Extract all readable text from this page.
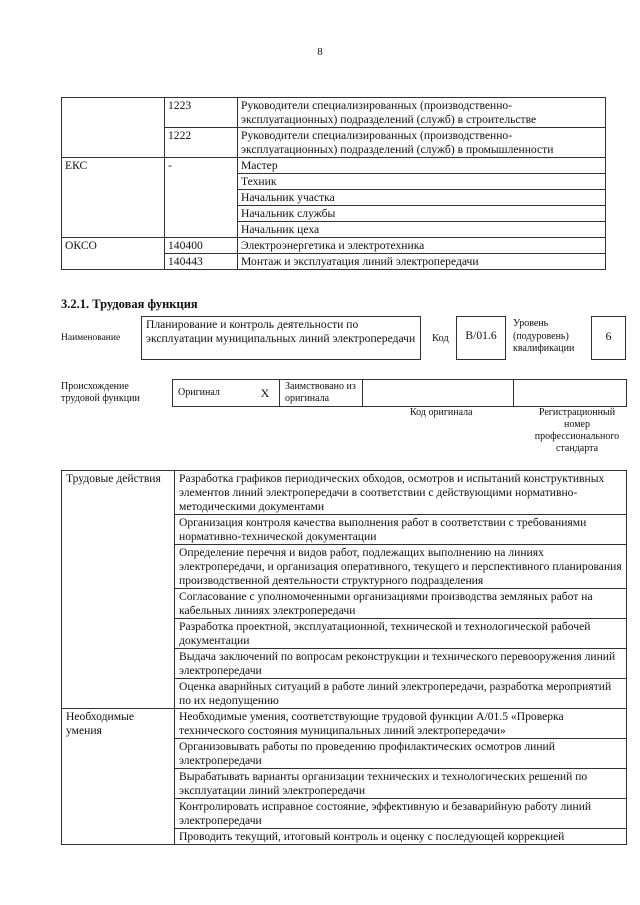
8
	1223	Руководители специализированных (производственно-эксплуатационных) подразделений (служб) в строительстве
	1222	Руководители специализированных (производственно-эксплуатационных) подразделений (служб) в промышленности
ЕКС	-	Мастер
		Техник
		Начальник участка
		Начальник службы
		Начальник цеха
ОКСО	140400	Электроэнергетика и электротехника
	140443	Монтаж и эксплуатация линий электропередачи
3.2.1. Трудовая функция
Наименование
Планирование и контроль деятельности по эксплуатации муниципальных линий электропередачи	Код	B/01.6
Уровень (подуровень) квалификации
6
Происхождение трудовой функции
Оригинал	X	Заимствовано из оригинала		
Код оригинала	Регистрационный номер профессионального стандарта
Трудовые действия	Разработка графиков периодических обходов, осмотров и испытаний конструктивных элементов линий электропередачи в соответствии с действующими нормативно-методическими документами
	Организация контроля качества выполнения работ в соответствии с требованиями нормативно-технической документации
	Определение перечня и видов работ, подлежащих выполнению на линиях электропередачи, и организация оперативного, текущего и перспективного планирования производственной деятельности структурного подразделения
	Согласование с уполномоченными организациями производства земляных работ на кабельных линиях электропередачи
	Разработка проектной, эксплуатационной, технической и технологической рабочей документации
	Выдача заключений по вопросам реконструкции и технического перевооружения линий электропередачи
	Оценка аварийных ситуаций в работе линий электропередачи, разработка мероприятий по их недопущению
Необходимые умения	Необходимые умения, соответствующие трудовой функции А/01.5 «Проверка технического состояния муниципальных линий электропередачи»
	Организовывать работы по проведению профилактических осмотров линий электропередачи
	Вырабатывать варианты организации технических и технологических решений по эксплуатации линий электропередачи
	Контролировать исправное состояние, эффективную и безаварийную работу линий электропередачи
	Проводить текущий, итоговый контроль и оценку с последующей коррекцией
